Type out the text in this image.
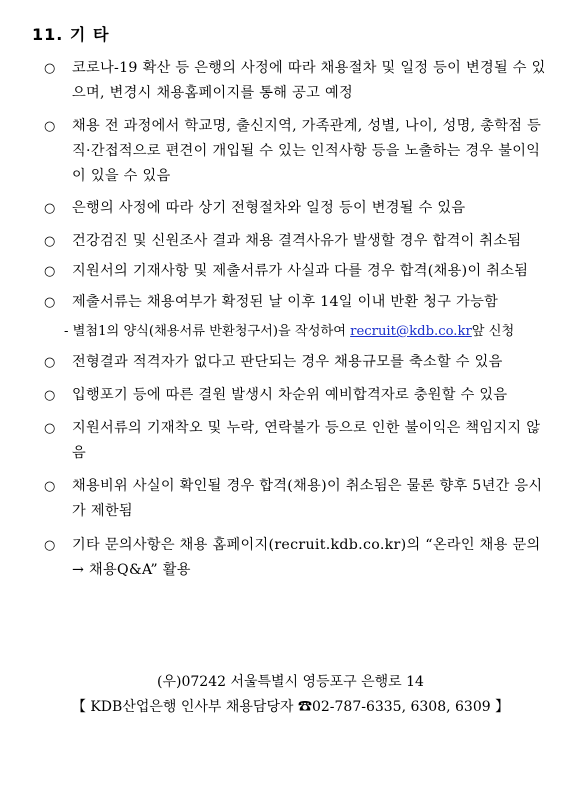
11. 기 타
○	코로나-19 확산 등 은행의 사정에 따라 채용절차 및 일정 등이 변경될 수 있으며, 변경시 채용홈페이지를 통해 공고 예정
○	채용 전 과정에서 학교명, 출신지역, 가족관계, 성별, 나이, 성명, 총학점 등 직·간접적으로 편견이 개입될 수 있는 인적사항 등을 노출하는 경우 불이익이 있을 수 있음
○	은행의 사정에 따라 상기 전형절차와 일정 등이 변경될 수 있음
○	건강검진 및 신원조사 결과 채용 결격사유가 발생할 경우 합격이 취소됨
○	지원서의 기재사항 및 제출서류가 사실과 다를 경우 합격(채용)이 취소됨
○	제출서류는 채용여부가 확정된 날 이후 14일 이내 반환 청구 가능함
- 별첨1의 양식(채용서류 반환청구서)을 작성하여 recruit@kdb.co.kr앞 신청
○	전형결과 적격자가 없다고 판단되는 경우 채용규모를 축소할 수 있음
○	입행포기 등에 따른 결원 발생시 차순위 예비합격자로 충원할 수 있음
○	지원서류의 기재착오 및 누락, 연락불가 등으로 인한 불이익은 책임지지 않음
○	채용비위 사실이 확인될 경우 합격(채용)이 취소됨은 물론 향후 5년간 응시가 제한됨
○	기타 문의사항은 채용 홈페이지(recruit.kdb.co.kr)의 “온라인 채용 문의 → 채용Q&A” 활용
(우)07242 서울특별시 영등포구 은행로 14
【 KDB산업은행 인사부 채용담당자 ☎02-787-6335, 6308, 6309 】
